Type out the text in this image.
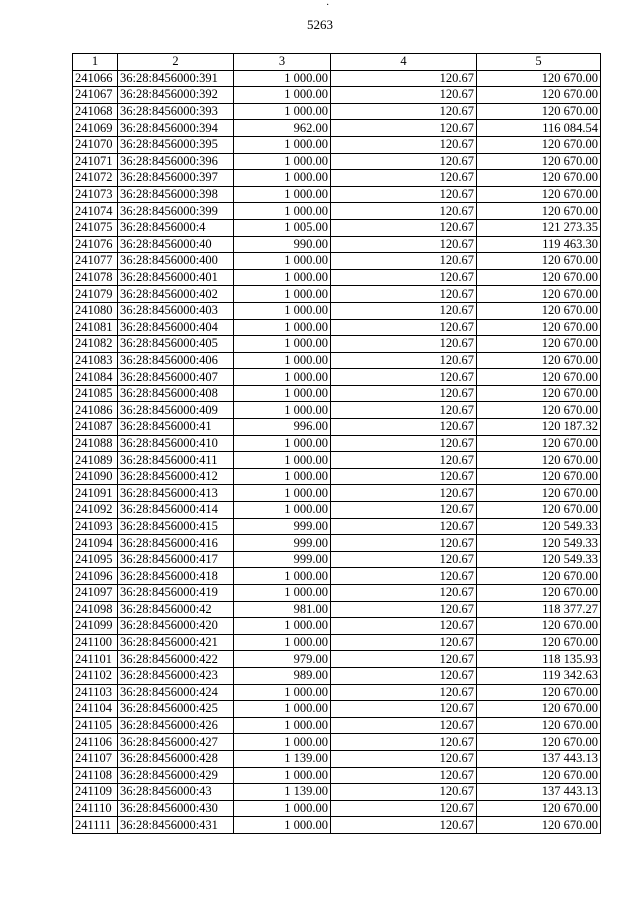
5263
·
1	2	3	4	5
241066	36:28:8456000:391	1 000.00	120.67	120 670.00
241067	36:28:8456000:392	1 000.00	120.67	120 670.00
241068	36:28:8456000:393	1 000.00	120.67	120 670.00
241069	36:28:8456000:394	962.00	120.67	116 084.54
241070	36:28:8456000:395	1 000.00	120.67	120 670.00
241071	36:28:8456000:396	1 000.00	120.67	120 670.00
241072	36:28:8456000:397	1 000.00	120.67	120 670.00
241073	36:28:8456000:398	1 000.00	120.67	120 670.00
241074	36:28:8456000:399	1 000.00	120.67	120 670.00
241075	36:28:8456000:4	1 005.00	120.67	121 273.35
241076	36:28:8456000:40	990.00	120.67	119 463.30
241077	36:28:8456000:400	1 000.00	120.67	120 670.00
241078	36:28:8456000:401	1 000.00	120.67	120 670.00
241079	36:28:8456000:402	1 000.00	120.67	120 670.00
241080	36:28:8456000:403	1 000.00	120.67	120 670.00
241081	36:28:8456000:404	1 000.00	120.67	120 670.00
241082	36:28:8456000:405	1 000.00	120.67	120 670.00
241083	36:28:8456000:406	1 000.00	120.67	120 670.00
241084	36:28:8456000:407	1 000.00	120.67	120 670.00
241085	36:28:8456000:408	1 000.00	120.67	120 670.00
241086	36:28:8456000:409	1 000.00	120.67	120 670.00
241087	36:28:8456000:41	996.00	120.67	120 187.32
241088	36:28:8456000:410	1 000.00	120.67	120 670.00
241089	36:28:8456000:411	1 000.00	120.67	120 670.00
241090	36:28:8456000:412	1 000.00	120.67	120 670.00
241091	36:28:8456000:413	1 000.00	120.67	120 670.00
241092	36:28:8456000:414	1 000.00	120.67	120 670.00
241093	36:28:8456000:415	999.00	120.67	120 549.33
241094	36:28:8456000:416	999.00	120.67	120 549.33
241095	36:28:8456000:417	999.00	120.67	120 549.33
241096	36:28:8456000:418	1 000.00	120.67	120 670.00
241097	36:28:8456000:419	1 000.00	120.67	120 670.00
241098	36:28:8456000:42	981.00	120.67	118 377.27
241099	36:28:8456000:420	1 000.00	120.67	120 670.00
241100	36:28:8456000:421	1 000.00	120.67	120 670.00
241101	36:28:8456000:422	979.00	120.67	118 135.93
241102	36:28:8456000:423	989.00	120.67	119 342.63
241103	36:28:8456000:424	1 000.00	120.67	120 670.00
241104	36:28:8456000:425	1 000.00	120.67	120 670.00
241105	36:28:8456000:426	1 000.00	120.67	120 670.00
241106	36:28:8456000:427	1 000.00	120.67	120 670.00
241107	36:28:8456000:428	1 139.00	120.67	137 443.13
241108	36:28:8456000:429	1 000.00	120.67	120 670.00
241109	36:28:8456000:43	1 139.00	120.67	137 443.13
241110	36:28:8456000:430	1 000.00	120.67	120 670.00
241111	36:28:8456000:431	1 000.00	120.67	120 670.00
